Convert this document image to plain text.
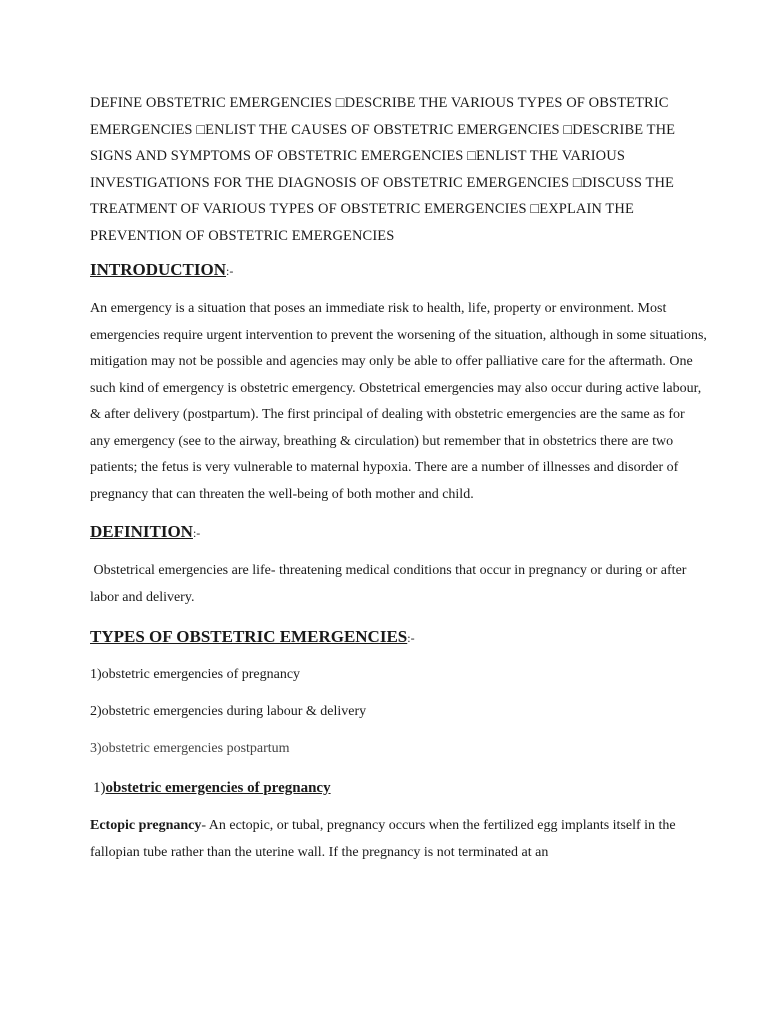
DEFINE OBSTETRIC EMERGENCIES □DESCRIBE THE VARIOUS TYPES OF OBSTETRIC EMERGENCIES □ENLIST THE CAUSES OF OBSTETRIC EMERGENCIES □DESCRIBE THE SIGNS AND SYMPTOMS OF OBSTETRIC EMERGENCIES □ENLIST THE VARIOUS INVESTIGATIONS FOR THE DIAGNOSIS OF OBSTETRIC EMERGENCIES □DISCUSS THE TREATMENT OF VARIOUS TYPES OF OBSTETRIC EMERGENCIES □EXPLAIN THE PREVENTION OF OBSTETRIC EMERGENCIES

INTRODUCTION:-

An emergency is a situation that poses an immediate risk to health, life, property or environment. Most emergencies require urgent intervention to prevent the worsening of the situation, although in some situations, mitigation may not be possible and agencies may only be able to offer palliative care for the aftermath. One such kind of emergency is obstetric emergency. Obstetrical emergencies may also occur during active labour, & after delivery (postpartum). The first principal of dealing with obstetric emergencies are the same as for any emergency (see to the airway, breathing & circulation) but remember that in obstetrics there are two patients; the fetus is very vulnerable to maternal hypoxia. There are a number of illnesses and disorder of pregnancy that can threaten the well-being of both mother and child.

DEFINITION:-

Obstetrical emergencies are life- threatening medical conditions that occur in pregnancy or during or after labor and delivery.

TYPES OF OBSTETRIC EMERGENCIES:-

1)obstetric emergencies of pregnancy

2)obstetric emergencies during labour & delivery

3)obstetric emergencies postpartum

1)obstetric emergencies of pregnancy

Ectopic pregnancy- An ectopic, or tubal, pregnancy occurs when the fertilized egg implants itself in the fallopian tube rather than the uterine wall. If the pregnancy is not terminated at an
